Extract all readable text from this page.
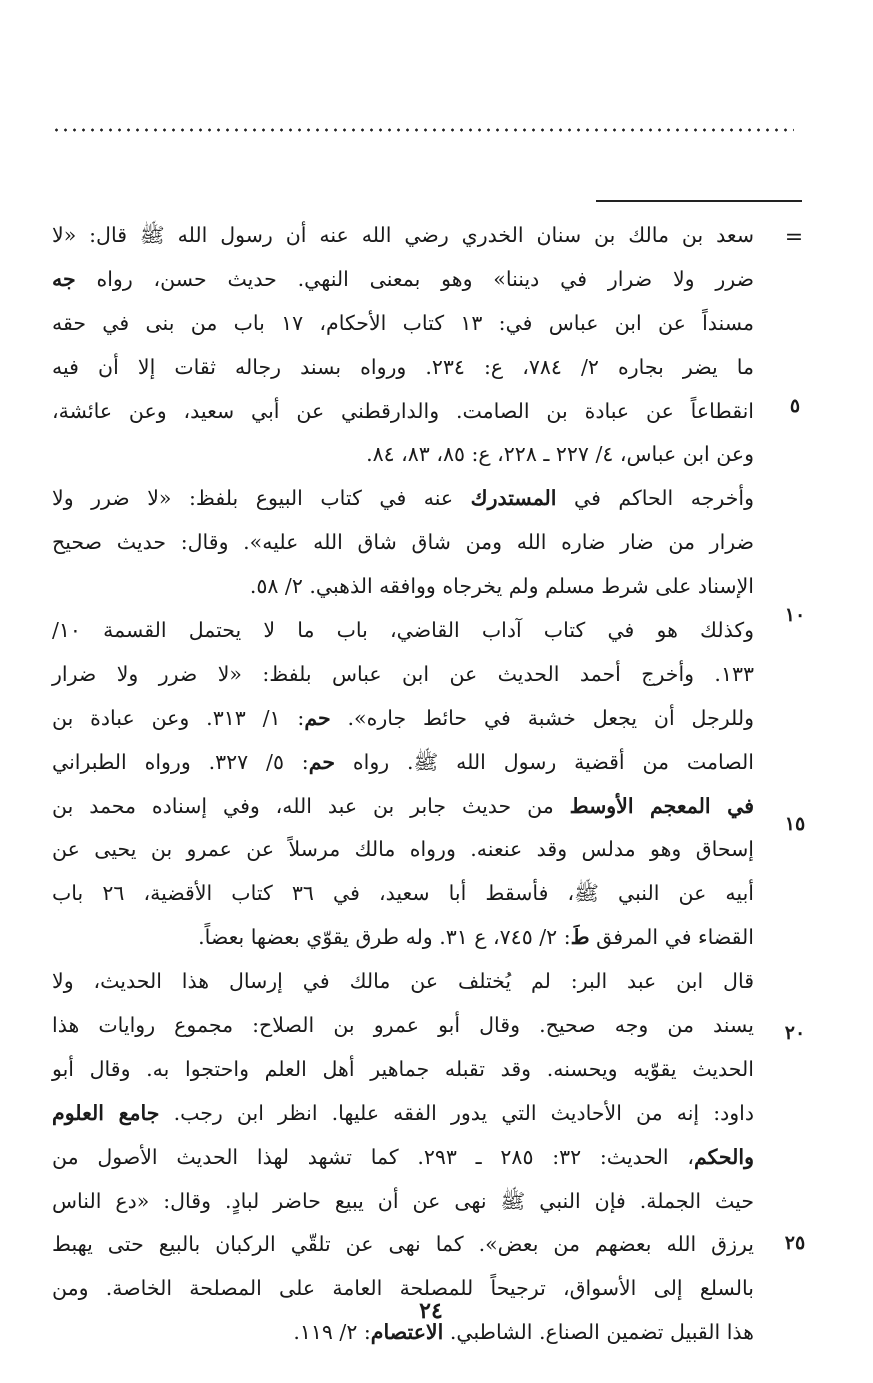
=
٥
١٠
١٥
٢٠
٢٥
سعد بن مالك بن سنان الخدري رضي الله عنه أن رسول الله ﷺ قال: «لا
ضرر ولا ضرار في ديننا» وهو بمعنى النهي. حديث حسن، رواه جه
مسنداً عن ابن عباس في: ١٣ كتاب الأحكام، ١٧ باب من بنى في حقه
ما يضر بجاره ٢/ ٧٨٤، ع: ٢٣٤. ورواه بسند رجاله ثقات إلا أن فيه
انقطاعاً عن عبادة بن الصامت. والدارقطني عن أبي سعيد، وعن عائشة،
وعن ابن عباس، ٤/ ٢٢٧ ـ ٢٢٨، ع: ٨٥، ٨٣، ٨٤.
وأخرجه الحاكم في المستدرك عنه في كتاب البيوع بلفظ: «لا ضرر ولا
ضرار من ضار ضاره الله ومن شاق شاق الله عليه». وقال: حديث صحيح
الإسناد على شرط مسلم ولم يخرجاه ووافقه الذهبي. ٢/ ٥٨.
وكذلك هو في كتاب آداب القاضي، باب ما لا يحتمل القسمة ١٠/
١٣٣. وأخرج أحمد الحديث عن ابن عباس بلفظ: «لا ضرر ولا ضرار
وللرجل أن يجعل خشبة في حائط جاره». حم: ١/ ٣١٣. وعن عبادة بن
الصامت من أقضية رسول الله ﷺ. رواه حم: ٥/ ٣٢٧. ورواه الطبراني
في المعجم الأوسط من حديث جابر بن عبد الله، وفي إسناده محمد بن
إسحاق وهو مدلس وقد عنعنه. ورواه مالك مرسلاً عن عمرو بن يحيى عن
أبيه عن النبي ﷺ، فأسقط أبا سعيد، في ٣٦ كتاب الأقضية، ٢٦ باب
القضاء في المرفق طَ: ٢/ ٧٤٥، ع ٣١. وله طرق يقوّي بعضها بعضاً.
قال ابن عبد البر: لم يُختلف عن مالك في إرسال هذا الحديث، ولا
يسند من وجه صحيح. وقال أبو عمرو بن الصلاح: مجموع روايات هذا
الحديث يقوّيه ويحسنه. وقد تقبله جماهير أهل العلم واحتجوا به. وقال أبو
داود: إنه من الأحاديث التي يدور الفقه عليها. انظر ابن رجب. جامع العلوم
والحكم، الحديث: ٣٢: ٢٨٥ ـ ٢٩٣. كما تشهد لهذا الحديث الأصول من
حيث الجملة. فإن النبي ﷺ نهى عن أن يبيع حاضر لبادٍ. وقال: «دع الناس
يرزق الله بعضهم من بعض». كما نهى عن تلقّي الركبان بالبيع حتى يهبط
بالسلع إلى الأسواق، ترجيحاً للمصلحة العامة على المصلحة الخاصة. ومن
هذا القبيل تضمين الصناع. الشاطبي. الاعتصام: ٢/ ١١٩.
٢٤
